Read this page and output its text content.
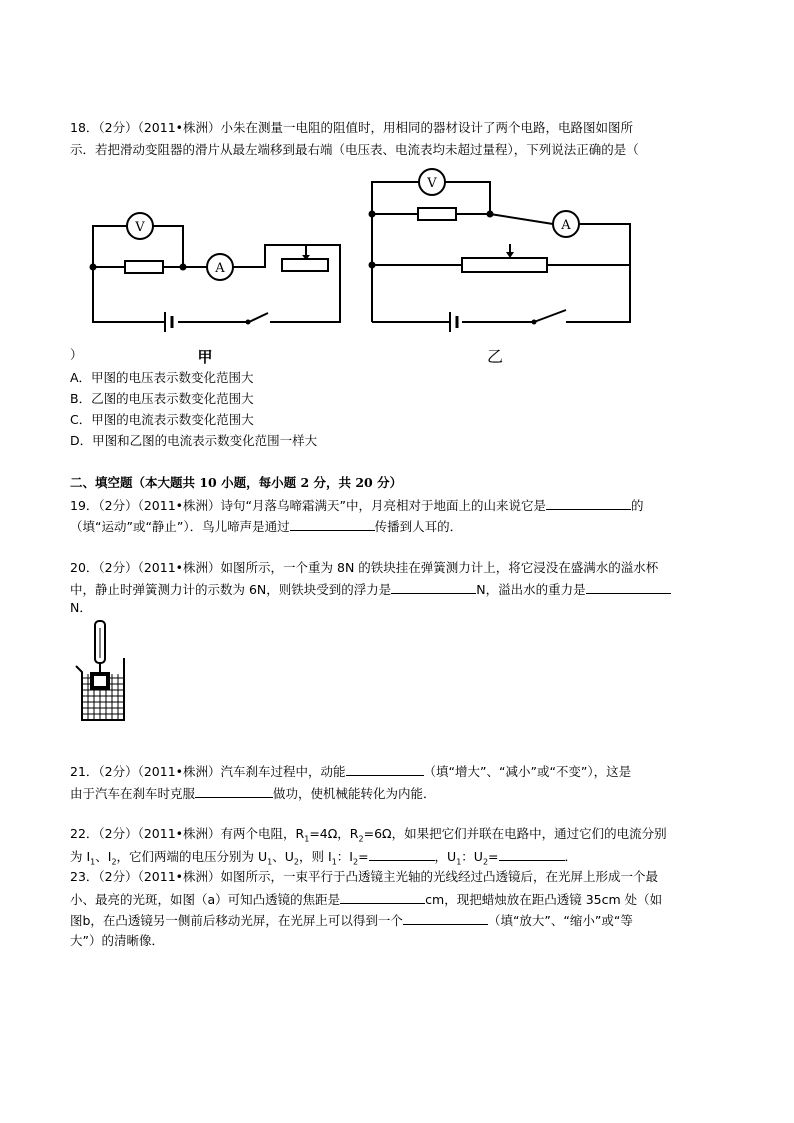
18．（2分）（2011•株洲）小朱在测量一电阻的阻值时，用相同的器材设计了两个电路，电路图如图所
示．若把滑动变阻器的滑片从最左端移到最右端（电压表、电流表均未超过量程），下列说法正确的是（
V
A
甲
V
A
乙
）
A．甲图的电压表示数变化范围大
B．乙图的电压表示数变化范围大
C．甲图的电流表示数变化范围大
D．甲图和乙图的电流表示数变化范围一样大
二、填空题（本大题共 10 小题，每小题 2 分，共 20 分）
19．（2分）（2011•株洲）诗句“月落乌啼霜满天”中，月亮相对于地面上的山来说它是	的
（填“运动”或“静止”）．鸟儿啼声是通过	传播到人耳的．
20．（2分）（2011•株洲）如图所示，一个重为 8N 的铁块挂在弹簧测力计上，将它浸没在盛满水的溢水杯
中，静止时弹簧测力计的示数为 6N，则铁块受到的浮力是	N，溢出水的重力是
N．
21．（2分）（2011•株洲）汽车刹车过程中，动能	（填“增大”、“减小”或“不变”），这是
由于汽车在刹车时克服	做功，使机械能转化为内能．
22．（2分）（2011•株洲）有两个电阻，$R_1=4\Omega$，$R_2=6\Omega$，如果把它们并联在电路中，通过它们的电流分别
为 $I_1$、$I_2$，它们两端的电压分别为 $U_1$、$U_2$，则 $I_1$：$I_2=$	，$U_1$：$U_2=$	．
23．（2分）（2011•株洲）如图所示，一束平行于凸透镜主光轴的光线经过凸透镜后，在光屏上形成一个最
小、最亮的光斑，如图（a）可知凸透镜的焦距是	cm，现把蜡烛放在距凸透镜 35cm 处（如
图b，在凸透镜另一侧前后移动光屏，在光屏上可以得到一个	（填“放大”、“缩小”或“等
大”）的清晰像．
